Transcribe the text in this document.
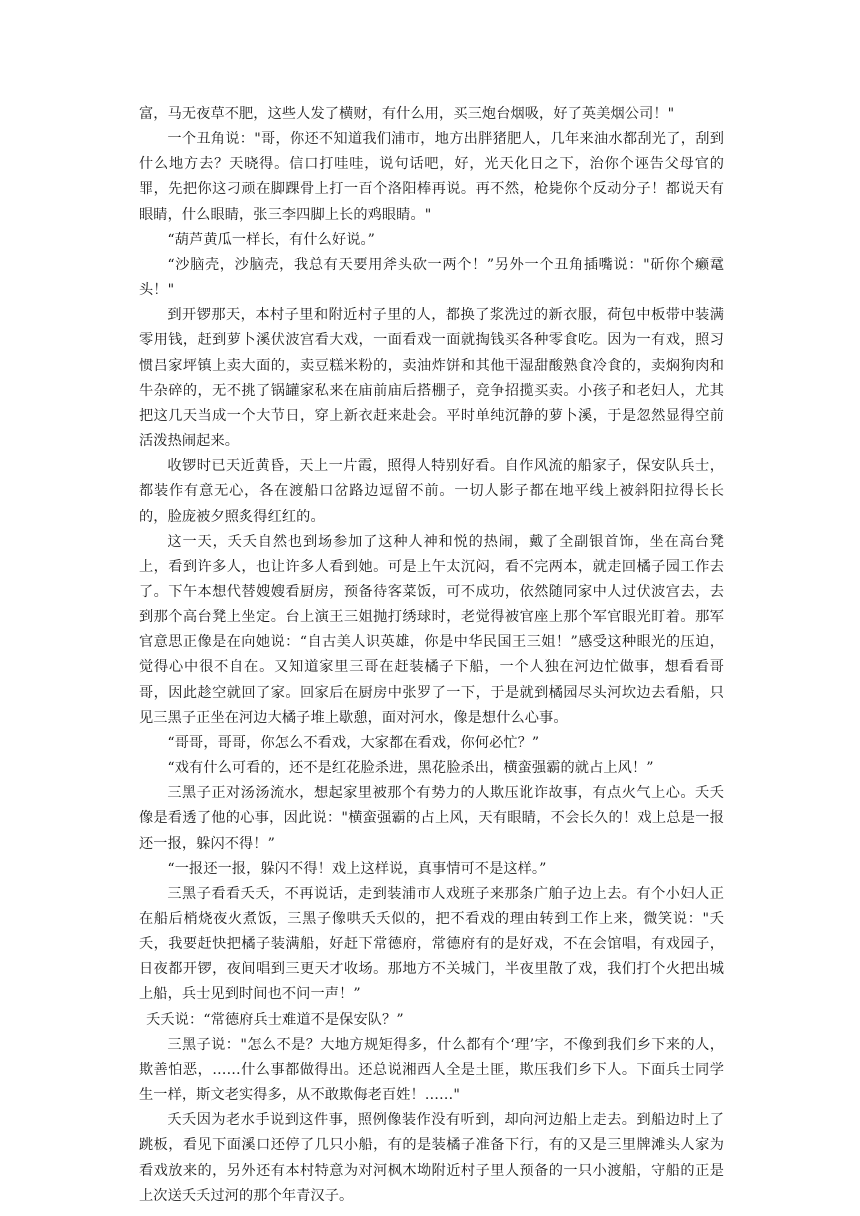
富，马无夜草不肥，这些人发了横财，有什么用，买三炮台烟吸，好了英美烟公司！"

一个丑角说："哥，你还不知道我们浦市，地方出胖猪肥人，几年来油水都刮光了，刮到什么地方去？天晓得。信口打哇哇，说句话吧，好，光天化日之下，治你个诬告父母官的罪，先把你这刁顽在脚踝骨上打一百个洛阳棒再说。再不然，枪毙你个反动分子！都说天有眼睛，什么眼睛，张三李四脚上长的鸡眼睛。"

“葫芦黄瓜一样长，有什么好说。”

“沙脑壳，沙脑壳，我总有天要用斧头砍一两个！”另外一个丑角插嘴说："斫你个癞鼋头！"

到开锣那天，本村子里和附近村子里的人，都换了浆洗过的新衣服，荷包中板带中装满零用钱，赶到萝卜溪伏波宫看大戏，一面看戏一面就掏钱买各种零食吃。因为一有戏，照习惯吕家坪镇上卖大面的，卖豆糕米粉的，卖油炸饼和其他干湿甜酸熟食冷食的，卖焖狗肉和牛杂碎的，无不挑了锅罐家私来在庙前庙后搭棚子，竞争招揽买卖。小孩子和老妇人，尤其把这几天当成一个大节日，穿上新衣赶来赴会。平时单纯沉静的萝卜溪，于是忽然显得空前活泼热闹起来。

收锣时已天近黄昏，天上一片霞，照得人特别好看。自作风流的船家子，保安队兵士，都装作有意无心，各在渡船口岔路边逗留不前。一切人影子都在地平线上被斜阳拉得长长的，脸庞被夕照炙得红红的。

这一天，夭夭自然也到场参加了这种人神和悦的热闹，戴了全副银首饰，坐在高台凳上，看到许多人，也让许多人看到她。可是上午太沉闷，看不完两本，就走回橘子园工作去了。下午本想代替嫂嫂看厨房，预备待客菜饭，可不成功，依然随同家中人过伏波宫去，去到那个高台凳上坐定。台上演王三姐抛打绣球时，老觉得被官座上那个军官眼光盯着。那军官意思正像是在向她说：“自古美人识英雄，你是中华民国王三姐！”感受这种眼光的压迫，觉得心中很不自在。又知道家里三哥在赶装橘子下船，一个人独在河边忙做事，想看看哥哥，因此趁空就回了家。回家后在厨房中张罗了一下，于是就到橘园尽头河坎边去看船，只见三黑子正坐在河边大橘子堆上歇憩，面对河水，像是想什么心事。

“哥哥，哥哥，你怎么不看戏，大家都在看戏，你何必忙？”

“戏有什么可看的，还不是红花脸杀进，黑花脸杀出，横蛮强霸的就占上风！”

三黑子正对汤汤流水，想起家里被那个有势力的人欺压讹诈故事，有点火气上心。夭夭像是看透了他的心事，因此说："横蛮强霸的占上风，天有眼睛，不会长久的！戏上总是一报还一报，躲闪不得！”

“一报还一报，躲闪不得！戏上这样说，真事情可不是这样。”

三黑子看看夭夭，不再说话，走到装浦市人戏班子来那条广舶子边上去。有个小妇人正在船后梢烧夜火煮饭，三黑子像哄夭夭似的，把不看戏的理由转到工作上来，微笑说："夭夭，我要赶快把橘子装满船，好赶下常德府，常德府有的是好戏，不在会馆唱，有戏园子，日夜都开锣，夜间唱到三更天才收场。那地方不关城门，半夜里散了戏，我们打个火把出城上船，兵士见到时间也不问一声！”

夭夭说：“常德府兵士难道不是保安队？”

三黑子说："怎么不是？大地方规矩得多，什么都有个‘理’字，不像到我们乡下来的人，欺善怕恶，……什么事都做得出。还总说湘西人全是土匪，欺压我们乡下人。下面兵士同学生一样，斯文老实得多，从不敢欺侮老百姓！……"

夭夭因为老水手说到这件事，照例像装作没有听到，却向河边船上走去。到船边时上了跳板，看见下面溪口还停了几只小船，有的是装橘子准备下行，有的又是三里牌滩头人家为看戏放来的，另外还有本村特意为对河枫木坳附近村子里人预备的一只小渡船，守船的正是上次送夭夭过河的那个年青汉子。
